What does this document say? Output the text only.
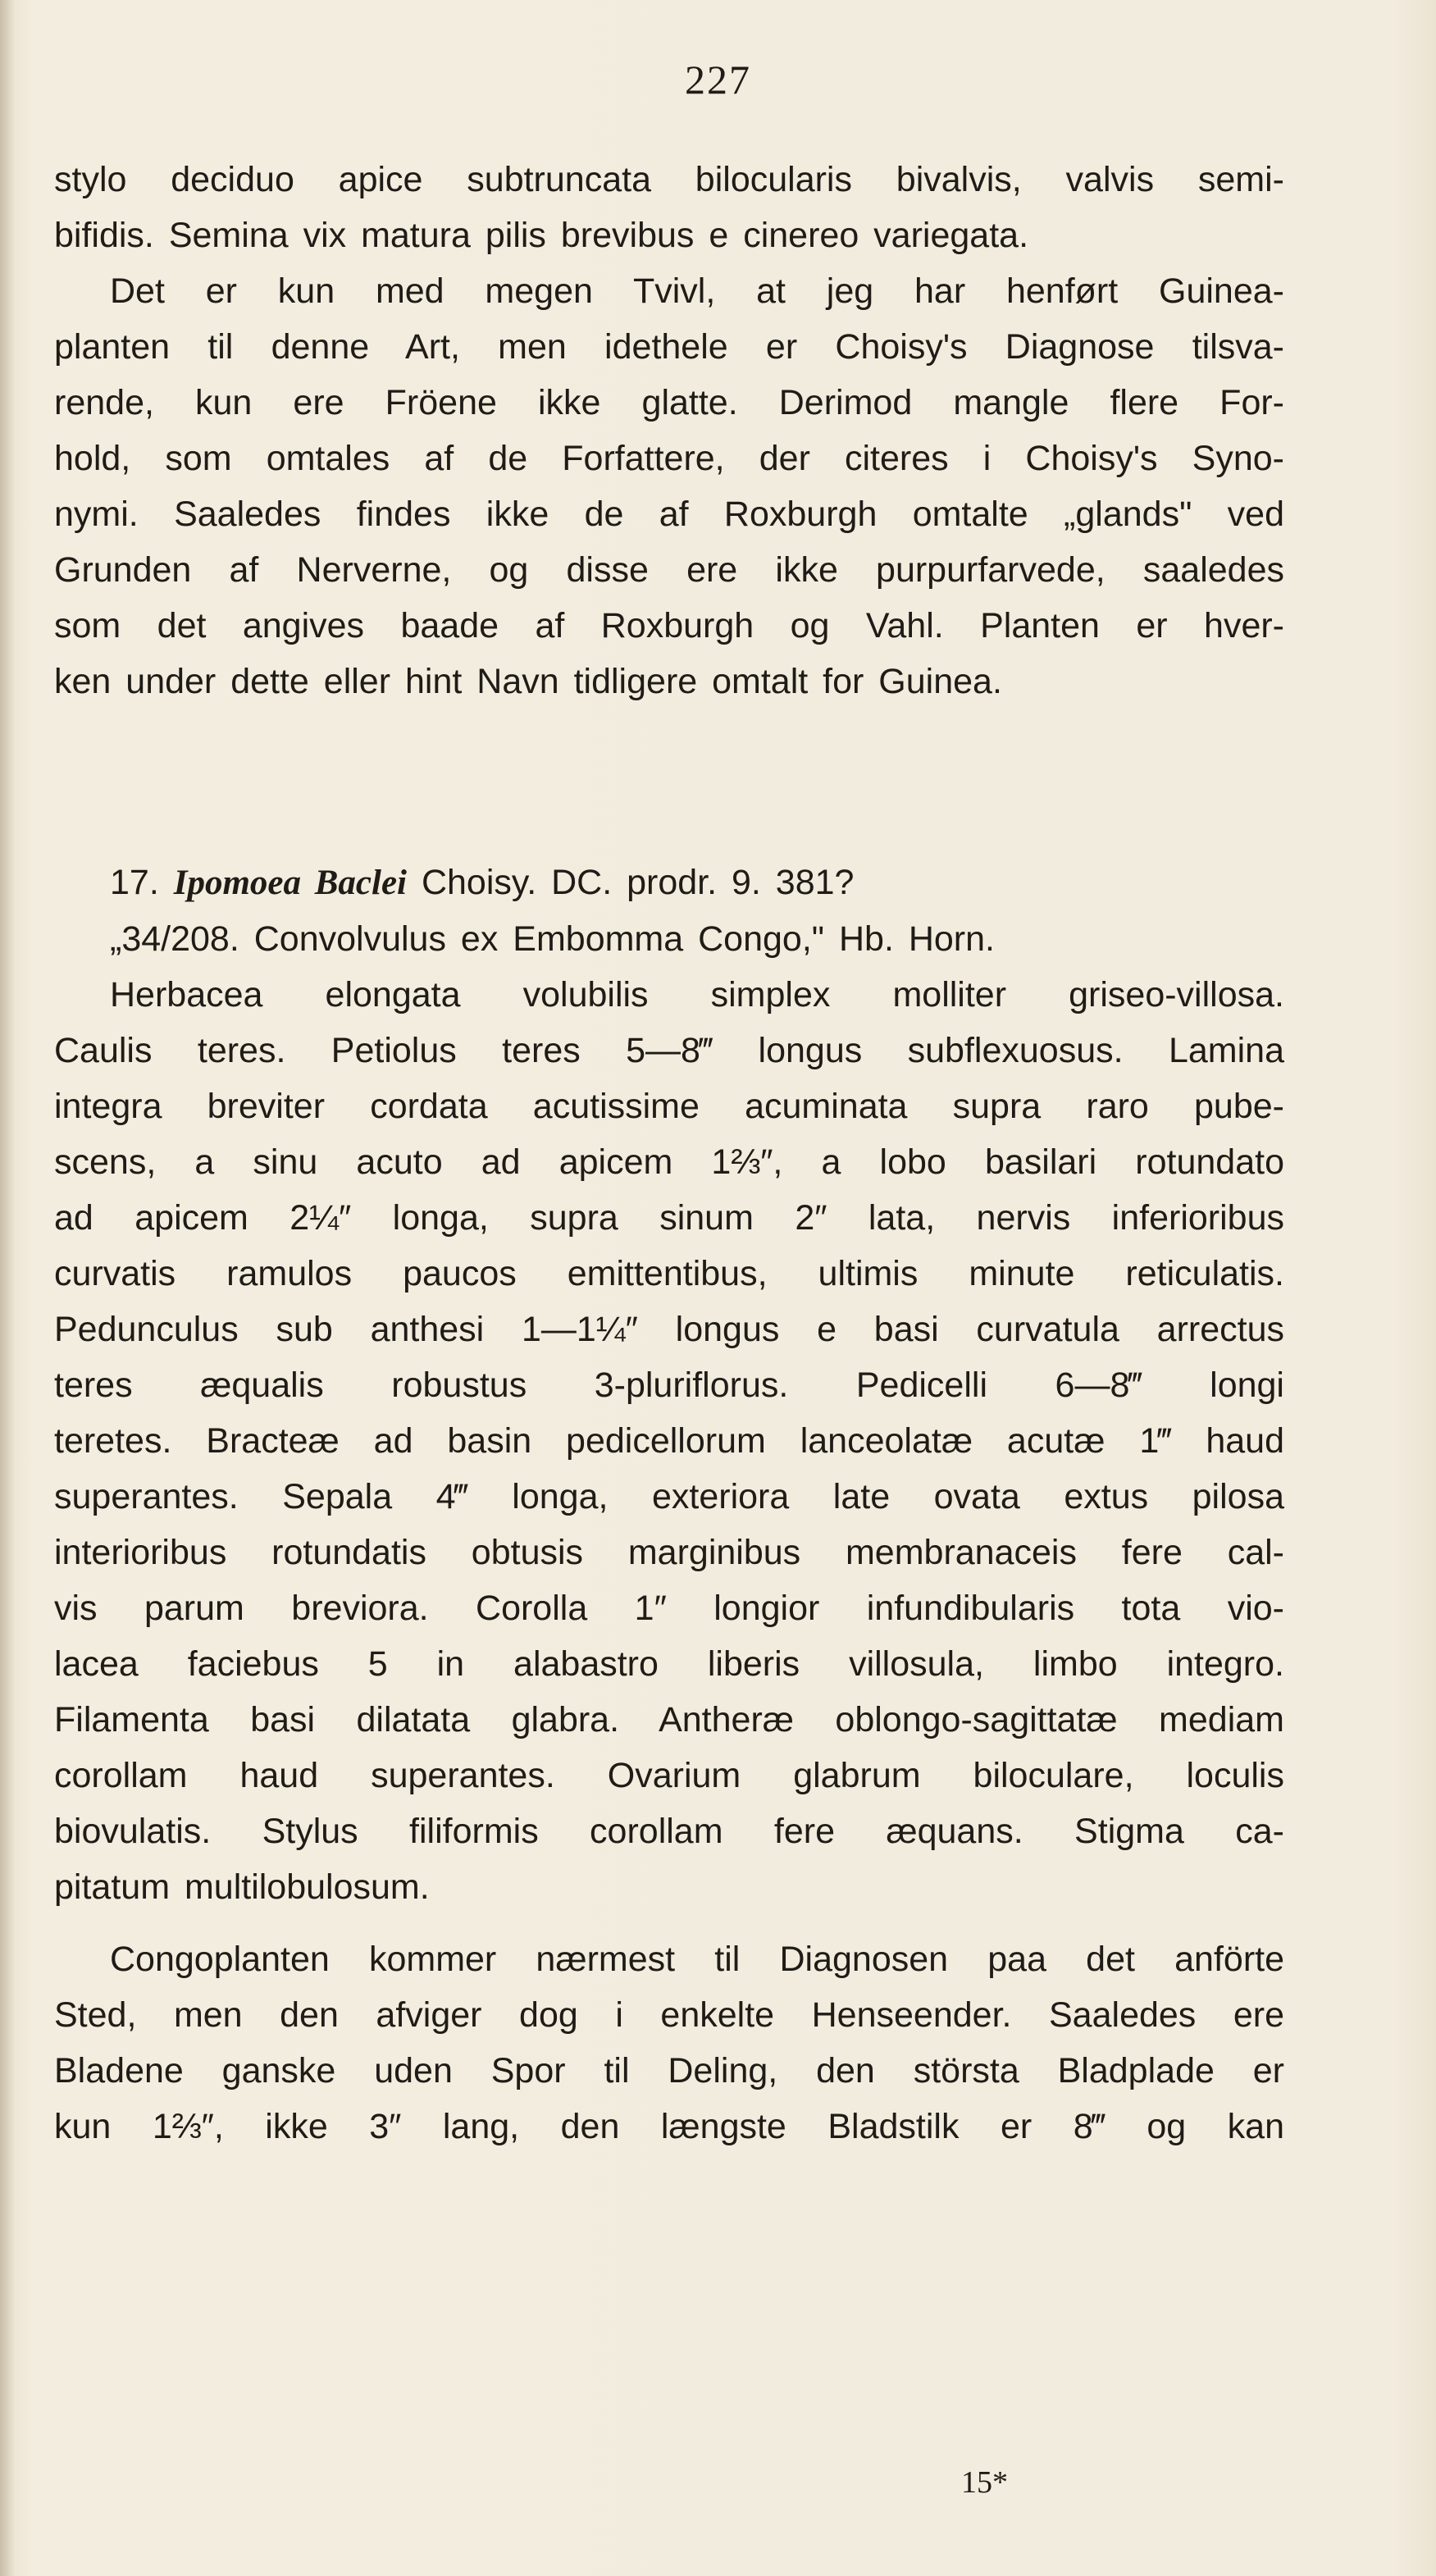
227
stylo deciduo apice subtruncata bilocularis bivalvis, valvis semi-
bifidis. Semina vix matura pilis brevibus e cinereo variegata.
Det er kun med megen Tvivl, at jeg har henført Guinea-
planten til denne Art, men idethele er Choisy's Diagnose tilsva-
rende, kun ere Fröene ikke glatte. Derimod mangle flere For-
hold, som omtales af de Forfattere, der citeres i Choisy's Syno-
nymi. Saaledes findes ikke de af Roxburgh omtalte „glands" ved
Grunden af Nerverne, og disse ere ikke purpurfarvede, saaledes
som det angives baade af Roxburgh og Vahl. Planten er hver-
ken under dette eller hint Navn tidligere omtalt for Guinea.
17. Ipomoea Baclei Choisy. DC. prodr. 9. 381?
„34/208. Convolvulus ex Embomma Congo," Hb. Horn.
Herbacea elongata volubilis simplex molliter griseo-villosa.
Caulis teres. Petiolus teres 5—8‴ longus subflexuosus. Lamina
integra breviter cordata acutissime acuminata supra raro pube-
scens, a sinu acuto ad apicem 1⅔″, a lobo basilari rotundato
ad apicem 2¼″ longa, supra sinum 2″ lata, nervis inferioribus
curvatis ramulos paucos emittentibus, ultimis minute reticulatis.
Pedunculus sub anthesi 1—1¼″ longus e basi curvatula arrectus
teres æqualis robustus 3-pluriflorus. Pedicelli 6—8‴ longi
teretes. Bracteæ ad basin pedicellorum lanceolatæ acutæ 1‴ haud
superantes. Sepala 4‴ longa, exteriora late ovata extus pilosa
interioribus rotundatis obtusis marginibus membranaceis fere cal-
vis parum breviora. Corolla 1″ longior infundibularis tota vio-
lacea faciebus 5 in alabastro liberis villosula, limbo integro.
Filamenta basi dilatata glabra. Antheræ oblongo-sagittatæ mediam
corollam haud superantes. Ovarium glabrum biloculare, loculis
biovulatis. Stylus filiformis corollam fere æquans. Stigma ca-
pitatum multilobulosum.
Congoplanten kommer nærmest til Diagnosen paa det anförte
Sted, men den afviger dog i enkelte Henseender. Saaledes ere
Bladene ganske uden Spor til Deling, den största Bladplade er
kun 1⅔″, ikke 3″ lang, den længste Bladstilk er 8‴ og kan
15*
